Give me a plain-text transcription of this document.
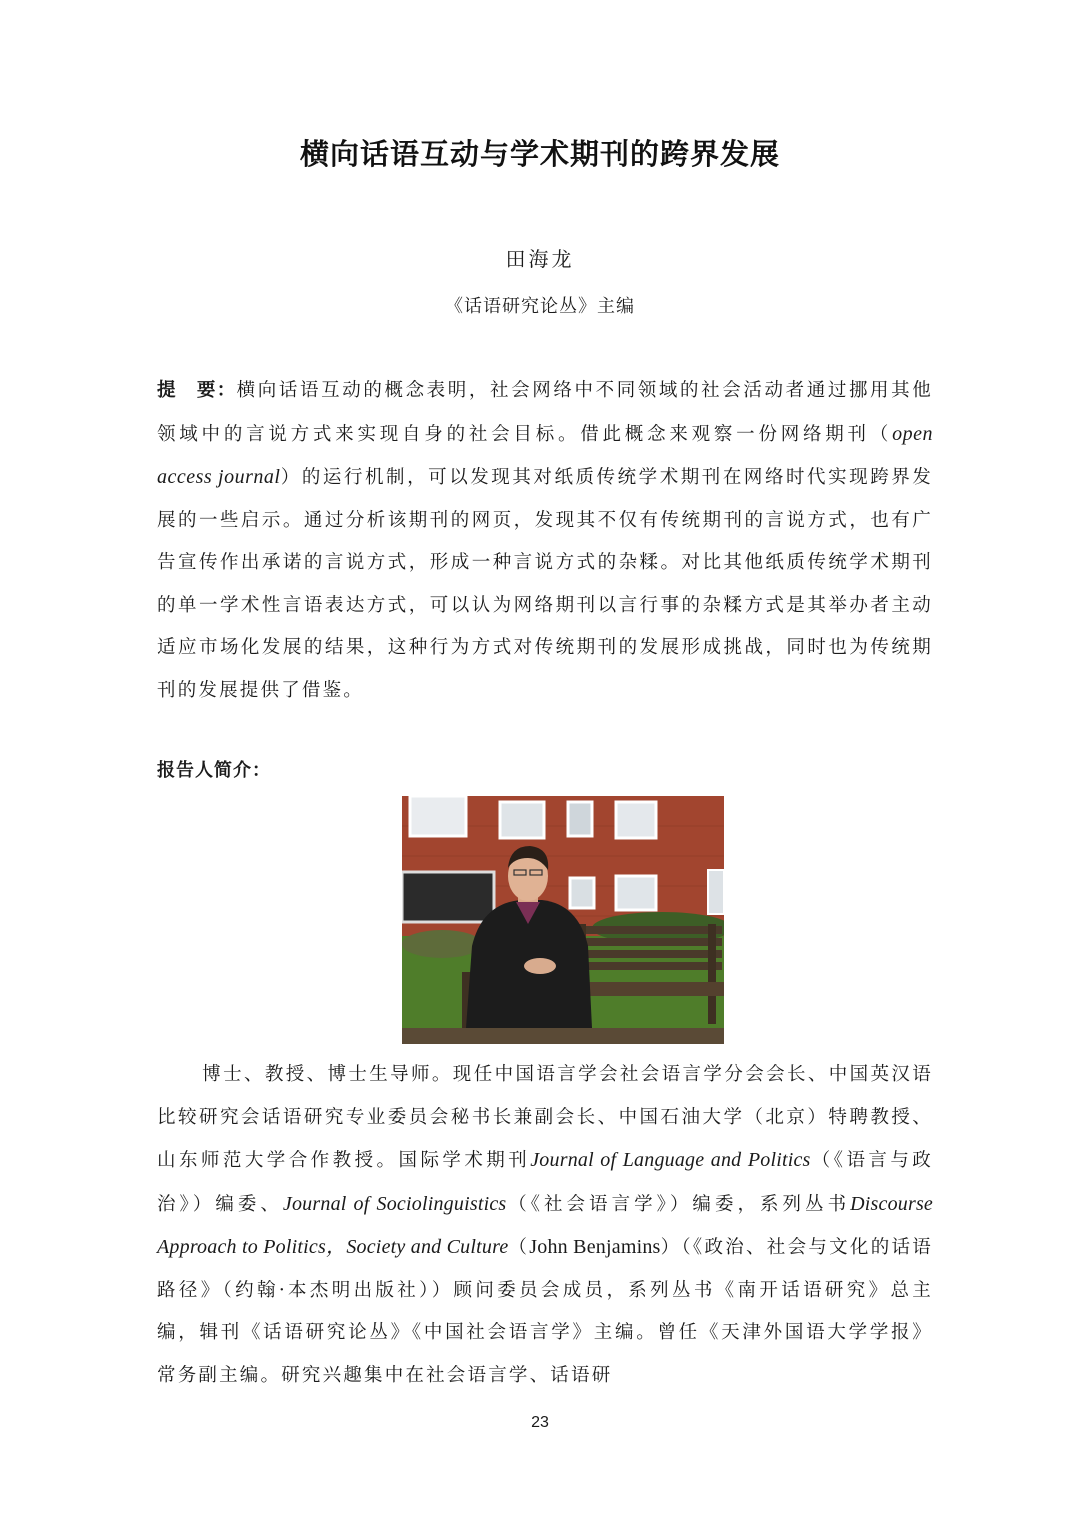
横向话语互动与学术期刊的跨界发展
田海龙
《话语研究论丛》主编
提　要：横向话语互动的概念表明，社会网络中不同领域的社会活动者通过挪用其他领域中的言说方式来实现自身的社会目标。借此概念来观察一份网络期刊（open access journal）的运行机制，可以发现其对纸质传统学术期刊在网络时代实现跨界发展的一些启示。通过分析该期刊的网页，发现其不仅有传统期刊的言说方式，也有广告宣传作出承诺的言说方式，形成一种言说方式的杂糅。对比其他纸质传统学术期刊的单一学术性言语表达方式，可以认为网络期刊以言行事的杂糅方式是其举办者主动适应市场化发展的结果，这种行为方式对传统期刊的发展形成挑战，同时也为传统期刊的发展提供了借鉴。
报告人简介：
博士、教授、博士生导师。现任中国语言学会社会语言学分会会长、中国英汉语比较研究会话语研究专业委员会秘书长兼副会长、中国石油大学（北京）特聘教授、山东师范大学合作教授。国际学术期刊Journal of Language and Politics（《语言与政治》）编委、Journal of Sociolinguistics（《社会语言学》）编委，系列丛书Discourse Approach to Politics，Society and Culture（John Benjamins）（《政治、社会与文化的话语路径》（约翰·本杰明出版社））顾问委员会成员，系列丛书《南开话语研究》总主编，辑刊《话语研究论丛》《中国社会语言学》主编。曾任《天津外国语大学学报》常务副主编。研究兴趣集中在社会语言学、话语研
23
